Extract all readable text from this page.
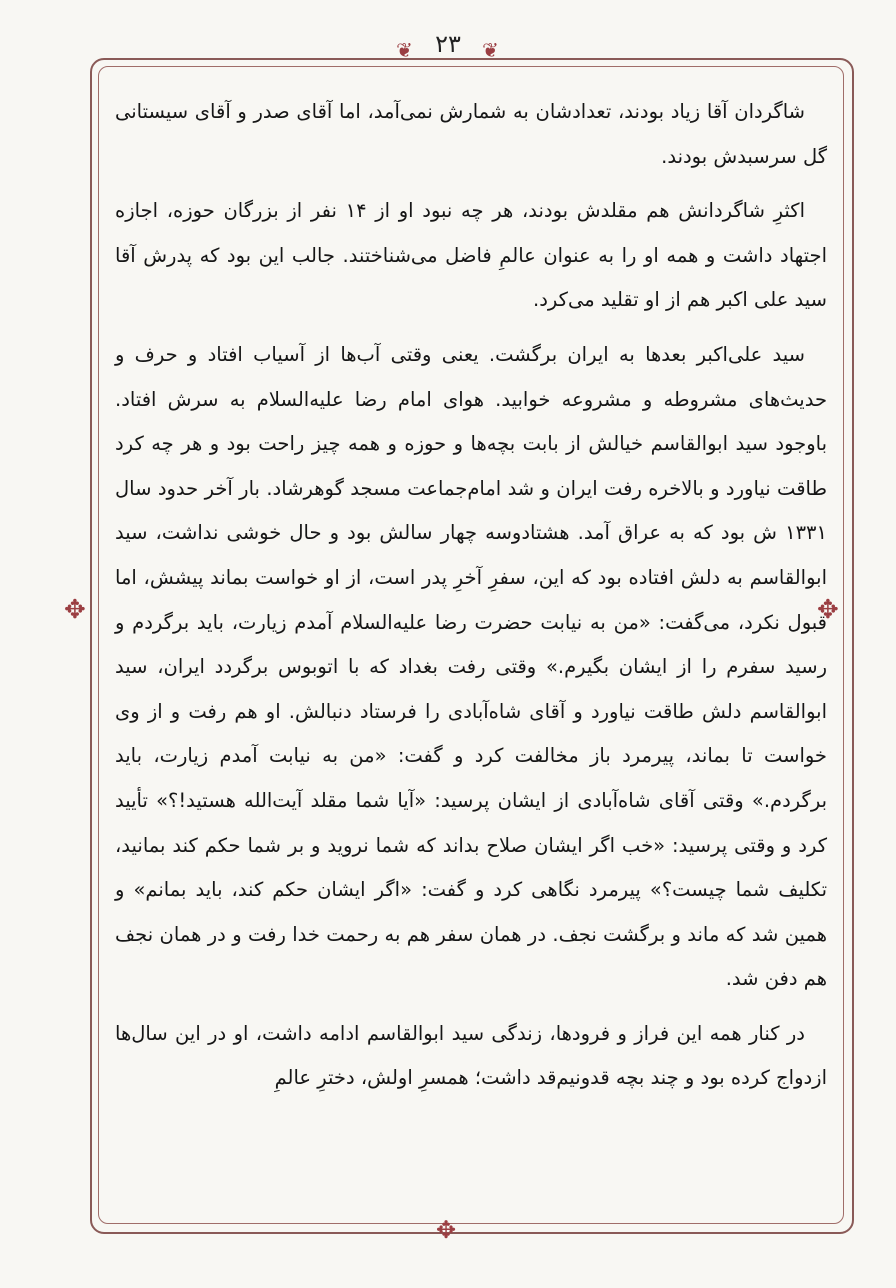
❦ ۲۳	❦
✥	✥
✥

شاگردان آقا زیاد بودند، تعدادشان به شمارش نمی‌آمد، اما آقای صدر و آقای سیستانی گل سرسبدش بودند.

اکثرِ شاگردانش هم مقلدش بودند، هر چه نبود او از ۱۴ نفر از بزرگان حوزه، اجازه اجتهاد داشت و همه او را به عنوان عالمِ فاضل می‌شناختند. جالب این بود که پدرش آقا سید علی اکبر هم از او تقلید می‌کرد.

سید علی‌اکبر بعدها به ایران برگشت. یعنی وقتی آب‌ها از آسیاب افتاد و حرف و حدیث‌های مشروطه و مشروعه خوابید. هوای امام رضا علیه‌السلام به سرش افتاد. باوجود سید ابوالقاسم خیالش از بابت بچه‌ها و حوزه و همه چیز راحت بود و هر چه کرد طاقت نیاورد و بالاخره رفت ایران و شد امام‌جماعت مسجد گوهرشاد. بار آخر حدود سال ۱۳۳۱ ش بود که به عراق آمد. هشتادوسه چهار سالش بود و حال خوشی نداشت، سید ابوالقاسم به دلش افتاده بود که این، سفرِ آخرِ پدر است، از او خواست بماند پیشش، اما قبول نکرد، می‌گفت: «من به نیابت حضرت رضا علیه‌السلام آمدم زیارت، باید برگردم و رسید سفرم را از ایشان بگیرم.» وقتی رفت بغداد که با اتوبوس برگردد ایران، سید ابوالقاسم دلش طاقت نیاورد و آقای شاه‌آبادی را فرستاد دنبالش. او هم رفت و از وی خواست تا بماند، پیرمرد باز مخالفت کرد و گفت: «من به نیابت آمدم زیارت، باید برگردم.» وقتی آقای شاه‌آبادی از ایشان پرسید: «آیا شما مقلد آیت‌الله هستید!؟» تأیید کرد و وقتی پرسید: «خب اگر ایشان صلاح بداند که شما نروید و بر شما حکم کند بمانید، تکلیف شما چیست؟» پیرمرد نگاهی کرد و گفت: «اگر ایشان حکم کند، باید بمانم» و همین شد که ماند و برگشت نجف. در همان سفر هم به رحمت خدا رفت و در همان نجف هم دفن شد.

در کنار همه این فراز و فرودها، زندگی سید ابوالقاسم ادامه داشت، او در این سال‌ها ازدواج کرده بود و چند بچه قدونیم‌قد داشت؛ همسرِ اولش، دخترِ عالمِ
